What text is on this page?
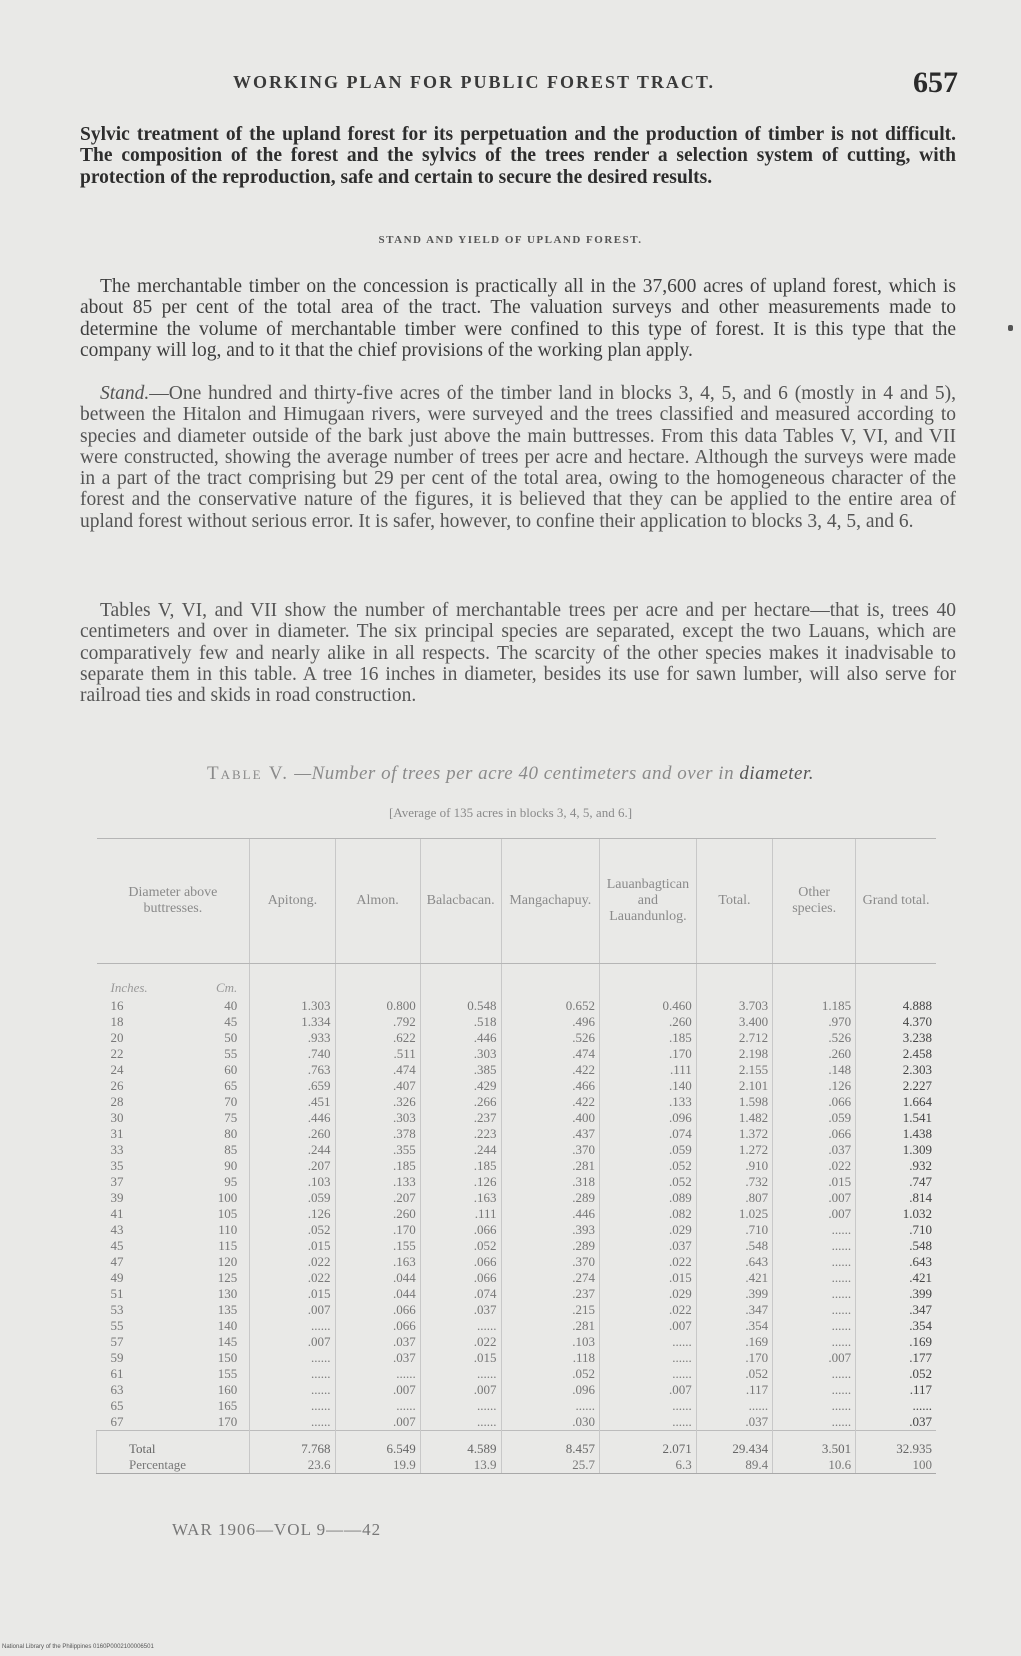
WORKING PLAN FOR PUBLIC FOREST TRACT.	657
Sylvic treatment of the upland forest for its perpetuation and the production of timber is not difficult. The composition of the forest and the sylvics of the trees render a selection system of cutting, with protection of the reproduction, safe and certain to secure the desired results.
STAND AND YIELD OF UPLAND FOREST.
The merchantable timber on the concession is practically all in the 37,600 acres of upland forest, which is about 85 per cent of the total area of the tract. The valuation surveys and other measurements made to determine the volume of merchantable timber were confined to this type of forest. It is this type that the company will log, and to it that the chief provisions of the working plan apply.
Stand.—One hundred and thirty-five acres of the timber land in blocks 3, 4, 5, and 6 (mostly in 4 and 5), between the Hitalon and Himugaan rivers, were surveyed and the trees classified and measured according to species and diameter outside of the bark just above the main buttresses. From this data Tables V, VI, and VII were constructed, showing the average number of trees per acre and hectare. Although the surveys were made in a part of the tract comprising but 29 per cent of the total area, owing to the homogeneous character of the forest and the conservative nature of the figures, it is believed that they can be applied to the entire area of upland forest without serious error. It is safer, however, to confine their application to blocks 3, 4, 5, and 6.
Tables V, VI, and VII show the number of merchantable trees per acre and per hectare—that is, trees 40 centimeters and over in diameter. The six principal species are separated, except the two Lauans, which are comparatively few and nearly alike in all respects. The scarcity of the other species makes it inadvisable to separate them in this table. A tree 16 inches in diameter, besides its use for sawn lumber, will also serve for railroad ties and skids in road construction.
Table V. —Number of trees per acre 40 centimeters and over in diameter.
[Average of 135 acres in blocks 3, 4, 5, and 6.]
Diameter above buttresses.		Apitong.	Almon.	Balacbacan.	Mangachapuy.	Lauanbagtican and Lauandunlog.	Total.	Other species.	Grand total.
Inches.	Cm.								
16	40	1.303	0.800	0.548	0.652	0.460	3.703	1.185	4.888
18	45	1.334	.792	.518	.496	.260	3.400	.970	4.370
20	50	.933	.622	.446	.526	.185	2.712	.526	3.238
22	55	.740	.511	.303	.474	.170	2.198	.260	2.458
24	60	.763	.474	.385	.422	.111	2.155	.148	2.303
26	65	.659	.407	.429	.466	.140	2.101	.126	2.227
28	70	.451	.326	.266	.422	.133	1.598	.066	1.664
30	75	.446	.303	.237	.400	.096	1.482	.059	1.541
31	80	.260	.378	.223	.437	.074	1.372	.066	1.438
33	85	.244	.355	.244	.370	.059	1.272	.037	1.309
35	90	.207	.185	.185	.281	.052	.910	.022	.932
37	95	.103	.133	.126	.318	.052	.732	.015	.747
39	100	.059	.207	.163	.289	.089	.807	.007	.814
41	105	.126	.260	.111	.446	.082	1.025	.007	1.032
43	110	.052	.170	.066	.393	.029	.710	......	.710
45	115	.015	.155	.052	.289	.037	.548	......	.548
47	120	.022	.163	.066	.370	.022	.643	......	.643
49	125	.022	.044	.066	.274	.015	.421	......	.421
51	130	.015	.044	.074	.237	.029	.399	......	.399
53	135	.007	.066	.037	.215	.022	.347	......	.347
55	140	......	.066	......	.281	.007	.354	......	.354
57	145	.007	.037	.022	.103	......	.169	......	.169
59	150	......	.037	.015	.118	......	.170	.007	.177
61	155	......	......	......	.052	......	.052	......	.052
63	160	......	.007	.007	.096	.007	.117	......	.117
65	165	......	......	......	......	......	......	......	......
67	170	......	.007	......	.030	......	.037	......	.037
Total		7.768	6.549	4.589	8.457	2.071	29.434	3.501	32.935
Percentage		23.6	19.9	13.9	25.7	6.3	89.4	10.6	100
WAR 1906—VOL 9——42
National Library of the Philippines 0160P0002100006501
